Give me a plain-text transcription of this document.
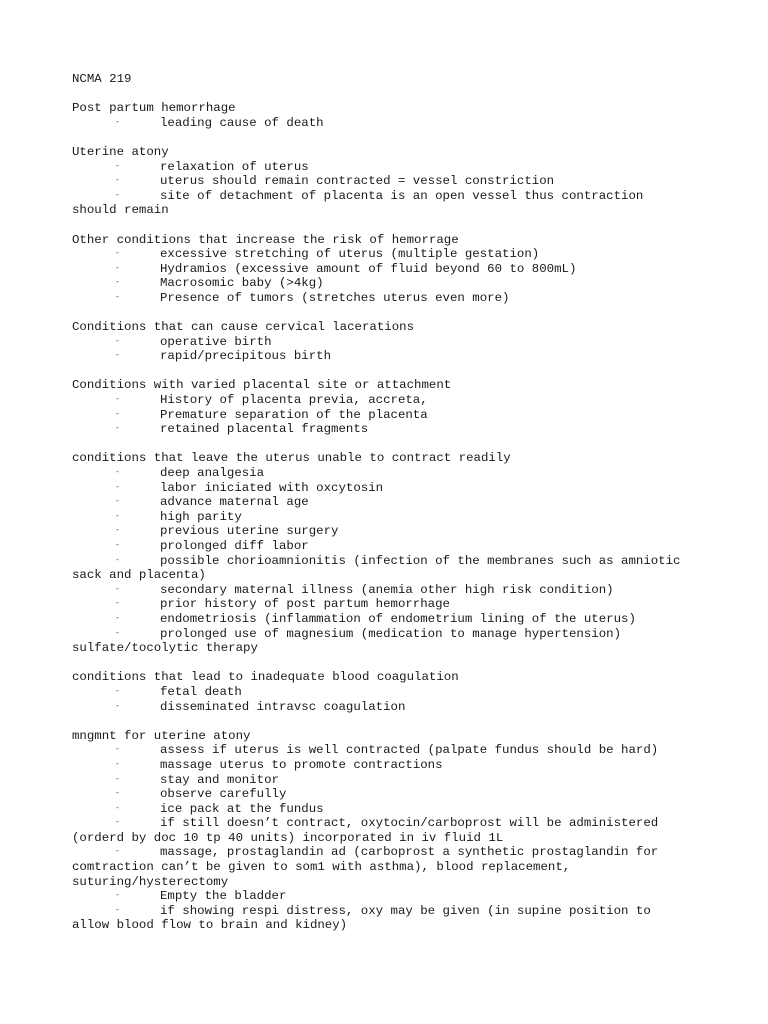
NCMA 219
Post partum hemorrhage
-	leading cause of death
Uterine atony
-	relaxation of uterus
-	uterus should remain contracted = vessel constriction
-	site of detachment of placenta is an open vessel thus contraction
should remain
Other conditions that increase the risk of hemorrage
-	excessive stretching of uterus (multiple gestation)
-	Hydramios (excessive amount of fluid beyond 60 to 800mL)
-	Macrosomic baby (>4kg)
-	Presence of tumors (stretches uterus even more)
Conditions that can cause cervical lacerations
-	operative birth
-	rapid/precipitous birth
Conditions with varied placental site or attachment
-	History of placenta previa, accreta,
-	Premature separation of the placenta
-	retained placental fragments
conditions that leave the uterus unable to contract readily
-	deep analgesia
-	labor iniciated with oxcytosin
-	advance maternal age
-	high parity
-	previous uterine surgery
-	prolonged diff labor
-	possible chorioamnionitis (infection of the membranes such as amniotic
sack and placenta)
-	secondary maternal illness (anemia other high risk condition)
-	prior history of post partum hemorrhage
-	endometriosis (inflammation of endometrium lining of the uterus)
-	prolonged use of magnesium (medication to manage hypertension)
sulfate/tocolytic therapy
conditions that lead to inadequate blood coagulation
-	fetal death
-	disseminated intravsc coagulation
mngmnt for uterine atony
-	assess if uterus is well contracted (palpate fundus should be hard)
-	massage uterus to promote contractions
-	stay and monitor
-	observe carefully
-	ice pack at the fundus
-	if still doesn’t contract, oxytocin/carboprost will be administered
(orderd by doc 10 tp 40 units) incorporated in iv fluid 1L
-	massage, prostaglandin ad (carboprost a synthetic prostaglandin for
comtraction can’t be given to som1 with asthma), blood replacement,
suturing/hysterectomy
-	Empty the bladder
-	if showing respi distress, oxy may be given (in supine position to
allow blood flow to brain and kidney)
